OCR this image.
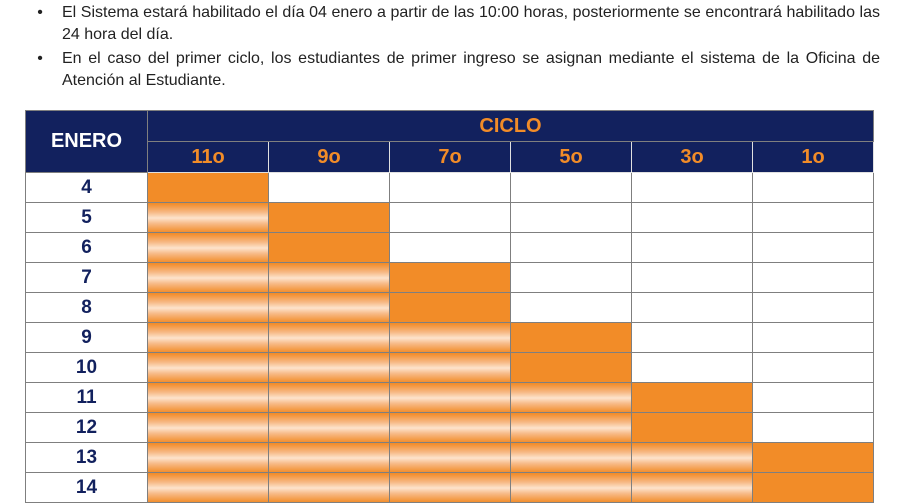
•	El Sistema estará habilitado el día 04 enero a partir de las 10:00 horas, posteriormente se encontrará habilitado las 24 hora del día.
•	En el caso del primer ciclo, los estudiantes de primer ingreso se asignan mediante el sistema de la Oficina de Atención al Estudiante.
ENERO	CICLO					
	11o	9o	7o	5o	3o	1o
4						
5						
6						
7						
8						
9						
10						
11						
12						
13						
14						
